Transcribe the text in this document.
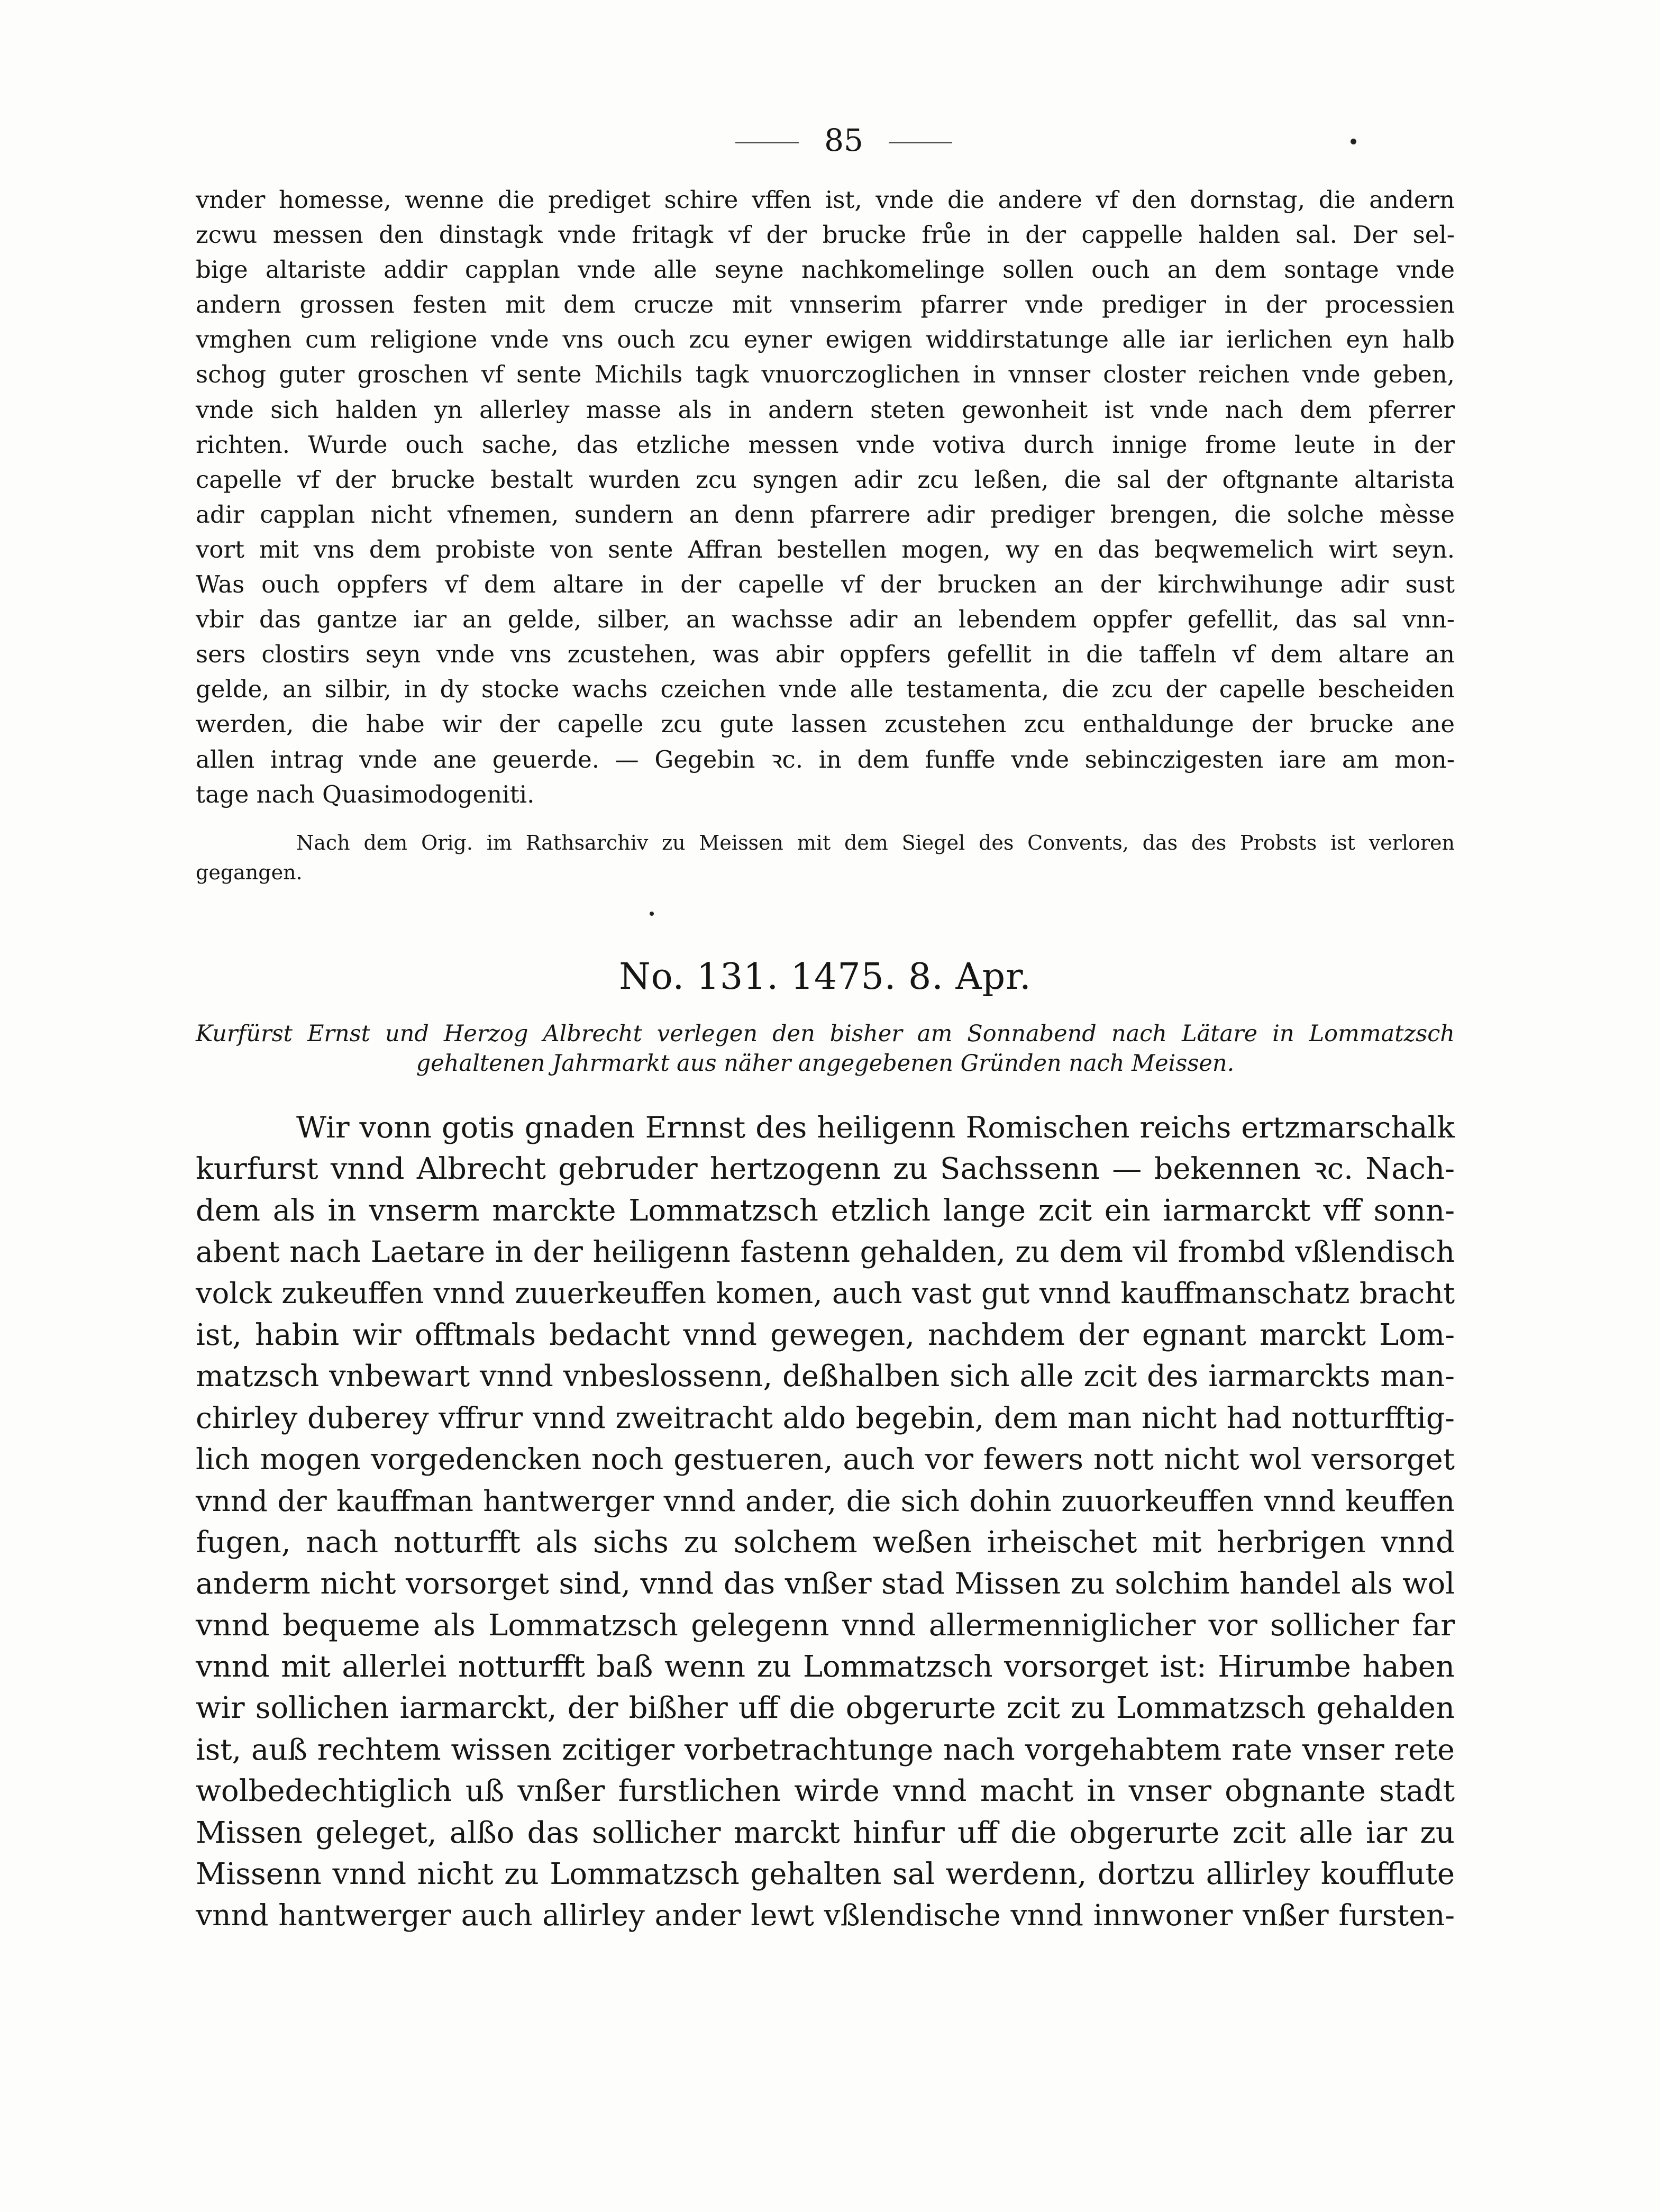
85
vnder homesse, wenne die prediget schire vffen ist, vnde die andere vf den dornstag, die andern
zcwu messen den dinstagk vnde fritagk vf der brucke frůe in der cappelle halden sal. Der sel-
bige altariste addir capplan vnde alle seyne nachkomelinge sollen ouch an dem sontage vnde
andern grossen festen mit dem crucze mit vnnserim pfarrer vnde prediger in der processien
vmghen cum religione vnde vns ouch zcu eyner ewigen widdirstatunge alle iar ierlichen eyn halb
schog guter groschen vf sente Michils tagk vnuorczoglichen in vnnser closter reichen vnde geben,
vnde sich halden yn allerley masse als in andern steten gewonheit ist vnde nach dem pferrer
richten. Wurde ouch sache, das etzliche messen vnde votiva durch innige frome leute in der
capelle vf der brucke bestalt wurden zcu syngen adir zcu leßen, die sal der oftgnante altarista
adir capplan nicht vfnemen, sundern an denn pfarrere adir prediger brengen, die solche mèsse
vort mit vns dem probiste von sente Affran bestellen mogen, wy en das beqwemelich wirt seyn.
Was ouch oppfers vf dem altare in der capelle vf der brucken an der kirchwihunge adir sust
vbir das gantze iar an gelde, silber, an wachsse adir an lebendem oppfer gefellit, das sal vnn-
sers clostirs seyn vnde vns zcustehen, was abir oppfers gefellit in die taffeln vf dem altare an
gelde, an silbir, in dy stocke wachs czeichen vnde alle testamenta, die zcu der capelle bescheiden
werden, die habe wir der capelle zcu gute lassen zcustehen zcu enthaldunge der brucke ane
allen intrag vnde ane geuerde. — Gegebin ꝛc. in dem funffe vnde sebinczigesten iare am mon-
tage nach Quasimodogeniti.
Nach dem Orig. im Rathsarchiv zu Meissen mit dem Siegel des Convents, das des Probsts ist verloren
gegangen.
No. 131. 1475. 8. Apr.
Kurfürst Ernst und Herzog Albrecht verlegen den bisher am Sonnabend nach Lätare in Lommatzsch
gehaltenen Jahrmarkt aus näher angegebenen Gründen nach Meissen.
Wir vonn gotis gnaden Ernnst des heiligenn Romischen reichs ertzmarschalk
kurfurst vnnd Albrecht gebruder hertzogenn zu Sachssenn — bekennen ꝛc. Nach-
dem als in vnserm marckte Lommatzsch etzlich lange zcit ein iarmarckt vff sonn-
abent nach Laetare in der heiligenn fastenn gehalden, zu dem vil frombd vßlendisch
volck zukeuffen vnnd zuuerkeuffen komen, auch vast gut vnnd kauffmanschatz bracht
ist, habin wir offtmals bedacht vnnd gewegen, nachdem der egnant marckt Lom-
matzsch vnbewart vnnd vnbeslossenn, deßhalben sich alle zcit des iarmarckts man-
chirley duberey vffrur vnnd zweitracht aldo begebin, dem man nicht had notturfftig-
lich mogen vorgedencken noch gestueren, auch vor fewers nott nicht wol versorget
vnnd der kauffman hantwerger vnnd ander, die sich dohin zuuorkeuffen vnnd keuffen
fugen, nach notturfft als sichs zu solchem weßen irheischet mit herbrigen vnnd
anderm nicht vorsorget sind, vnnd das vnßer stad Missen zu solchim handel als wol
vnnd bequeme als Lommatzsch gelegenn vnnd allermenniglicher vor sollicher far
vnnd mit allerlei notturfft baß wenn zu Lommatzsch vorsorget ist: Hirumbe haben
wir sollichen iarmarckt, der bißher uff die obgerurte zcit zu Lommatzsch gehalden
ist, auß rechtem wissen zcitiger vorbetrachtunge nach vorgehabtem rate vnser rete
wolbedechtiglich uß vnßer furstlichen wirde vnnd macht in vnser obgnante stadt
Missen geleget, alßo das sollicher marckt hinfur uff die obgerurte zcit alle iar zu
Missenn vnnd nicht zu Lommatzsch gehalten sal werdenn, dortzu allirley koufflute
vnnd hantwerger auch allirley ander lewt vßlendische vnnd innwoner vnßer fursten-
